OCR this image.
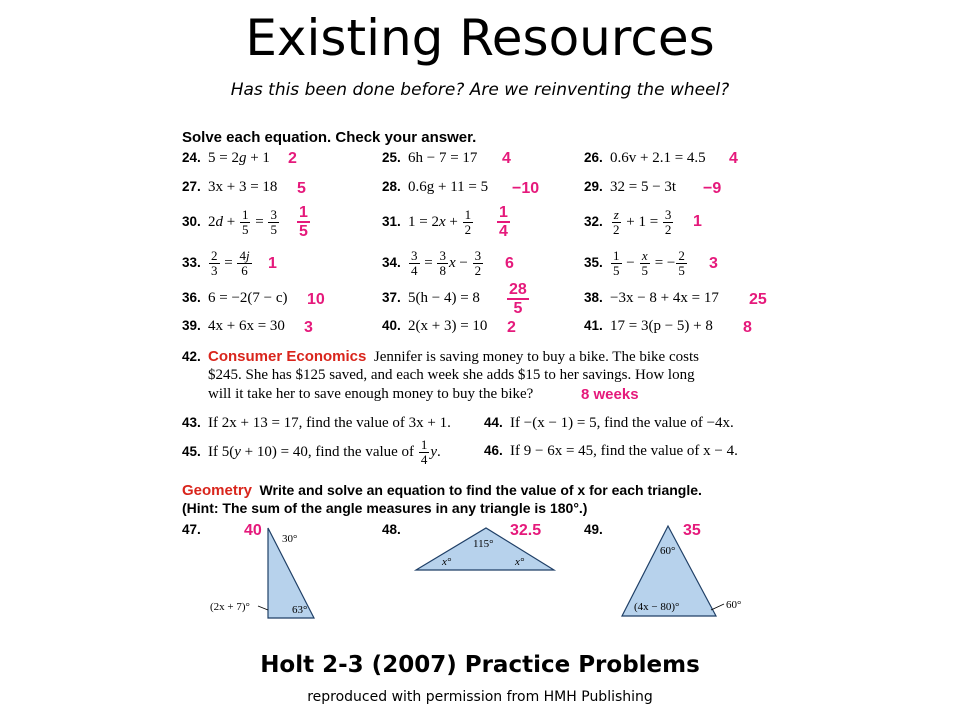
Existing Resources
Has this been done before? Are we reinventing the wheel?
Solve each equation. Check your answer.
24. 5 = 2g + 1 2	25. 6h − 7 = 17 4	26. 0.6v + 2.1 = 4.5 4
27. 3x + 3 = 18 5	28. 0.6g + 11 = 5 −10	29. 32 = 5 − 3t −9
30. $2d + \frac{1}{5} = \frac{3}{5} \frac{1}{5}$	31. $1 = 2x + \frac{1}{2} \frac{1}{4}$	32. $\frac{z}{2} + 1 = \frac{3}{2} 1$
33. $\frac{2}{3} = \frac{4j}{6} 1$	34. $\frac{3}{4} = \frac{3}{8}$ $x - \frac{3}{2} 6$	35. $\frac{1}{5} - \frac{x}{5}$ = − $\frac{2}{5} 3$
36. 6 = −2(7 − c) 10	37. $5(h - 4) = 8 \frac{28}{5}$	38. −3x − 8 + 4x = 17 25
39. 4x + 6x = 30 3	40. 2(x + 3) = 10 2	41. 17 = 3(p − 5) + 8 8
42. Consumer Economics Jennifer is saving money to buy a bike. The bike costs
$245. She has $125 saved, and each week she adds $15 to her savings. How long
will it take her to save enough money to buy the bike?	8 weeks
43. If 2x + 13 = 17, find the value of 3x + 1. 44. If −(x − 1) = 5, find the value of −4x.
45. If 5(y + 10) = 40, find the value of $\frac{1}{4} y$.	46. If 9 − 6x = 45, find the value of x − 4.
Geometry Write and solve an equation to find the value of x for each triangle.
(Hint: The sum of the angle measures in any triangle is 180°.)
47.	40	48.	32.5	49.	35
30°
(2x + 7)°	63°
115°
x°	x°
60°
(4x − 80)°	60°
Holt 2-3 (2007) Practice Problems
reproduced with permission from HMH Publishing
